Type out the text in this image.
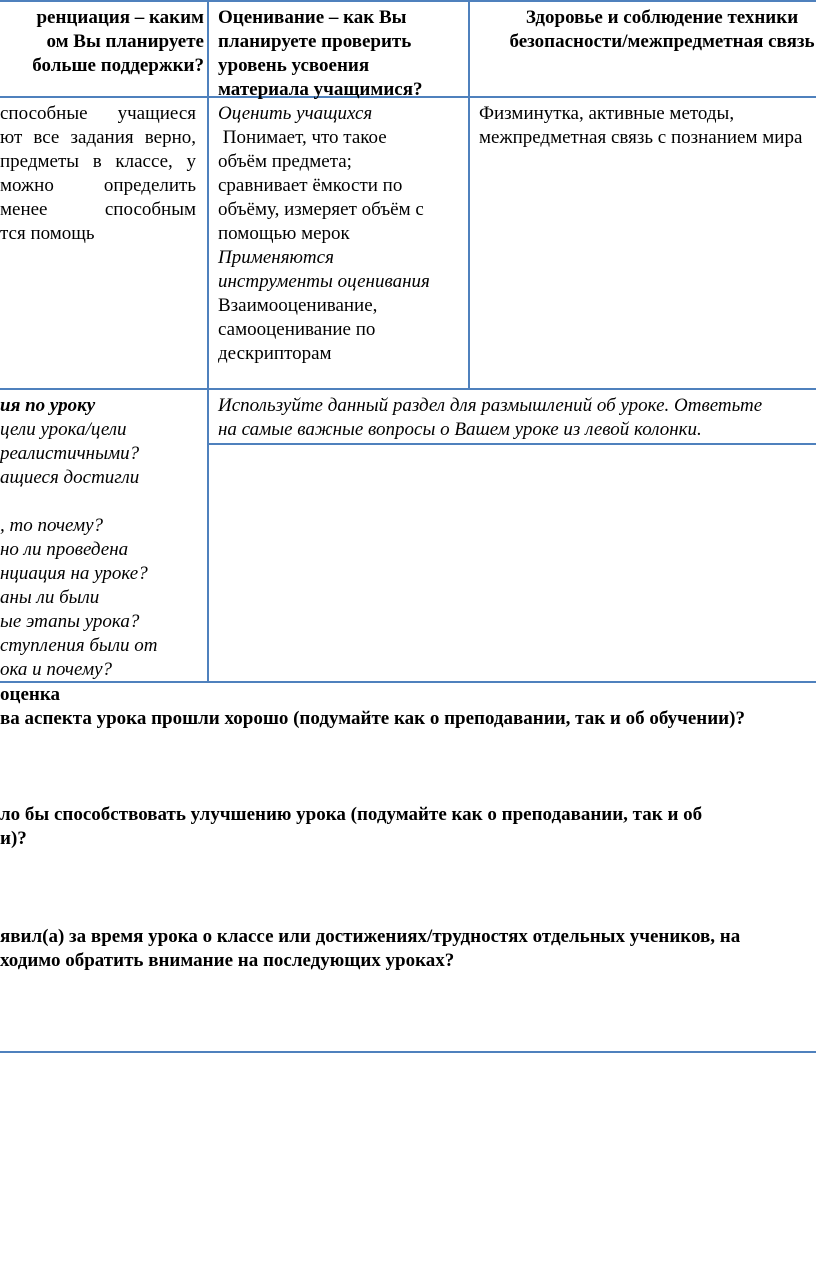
ренциация – каким
ом Вы планируете
больше поддержки?
Оценивание – как Вы
планируете проверить
уровень усвоения
материала учащимися?
Здоровье и соблюдение техники
безопасности/межпредметная связь
способные учащиеся
ют все задания верно,
предметы в классе, у
можно определить
менее способным
тся помощь
Оценить учащихся
Понимает, что такое
объём предмета;
сравнивает ёмкости по
объёму, измеряет объём с
помощью мерок
Применяются
инструменты оценивания
Взаимооценивание,
самооценивание по
дескрипторам
Физминутка, активные методы,
межпредметная связь с познанием мира
ия по уроку
цели урока/цели
реалистичными?
ащиеся достигли
, то почему?
но ли проведена
нциация на уроке?
аны ли были
ые этапы урока?
ступления были от
ока и почему?
Используйте данный раздел для размышлений об уроке. Ответьте
на самые важные вопросы о Вашем уроке из левой колонки.
оценка
ва аспекта урока прошли хорошо (подумайте как о преподавании, так и об обучении)?
ло бы способствовать улучшению урока (подумайте как о преподавании, так и об
и)?
явил(а) за время урока о классе или достижениях/трудностях отдельных учеников, на
ходимо обратить внимание на последующих уроках?
